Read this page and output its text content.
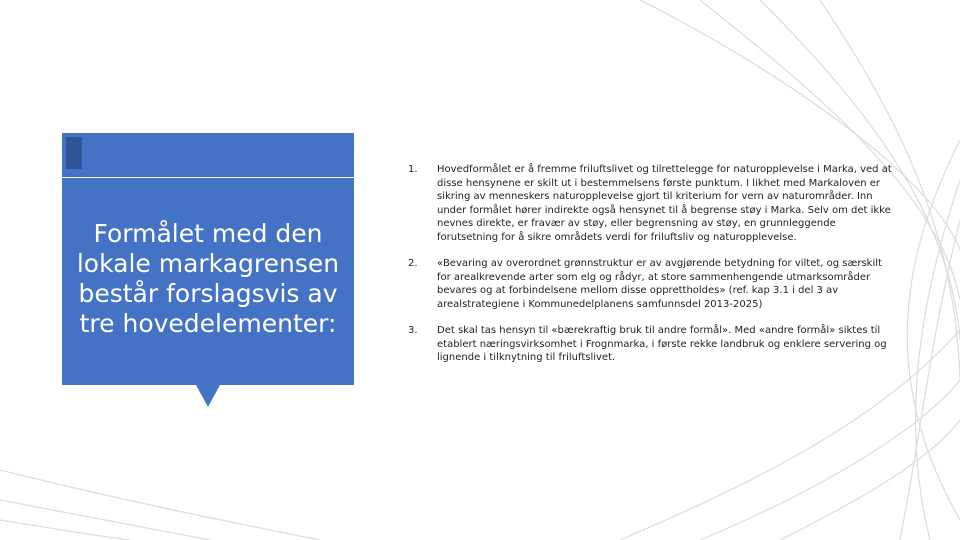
Formålet med den lokale markagrensen består forslagsvis av tre hovedelementer:
1. Hovedformålet er å fremme friluftslivet og tilrettelegge for naturopplevelse i Marka, ved at disse hensynene er skilt ut i bestemmelsens første punktum. I likhet med Markaloven er sikring av menneskers naturopplevelse gjort til kriterium for vern av naturområder. Inn under formålet hører indirekte også hensynet til å begrense støy i Marka. Selv om det ikke nevnes direkte, er fravær av støy, eller begrensning av støy, en grunnleggende forutsetning for å sikre områdets verdi for friluftsliv og naturopplevelse.
2. «Bevaring av overordnet grønnstruktur er av avgjørende betydning for viltet, og særskilt for arealkrevende arter som elg og rådyr, at store sammenhengende utmarksområder bevares og at forbindelsene mellom disse opprettholdes» (ref. kap 3.1 i del 3 av arealstrategiene i Kommunedelplanens samfunnsdel 2013-2025)
3. Det skal tas hensyn til «bærekraftig bruk til andre formål». Med «andre formål» siktes til etablert næringsvirksomhet i Frognmarka, i første rekke landbruk og enklere servering og lignende i tilknytning til friluftslivet.
